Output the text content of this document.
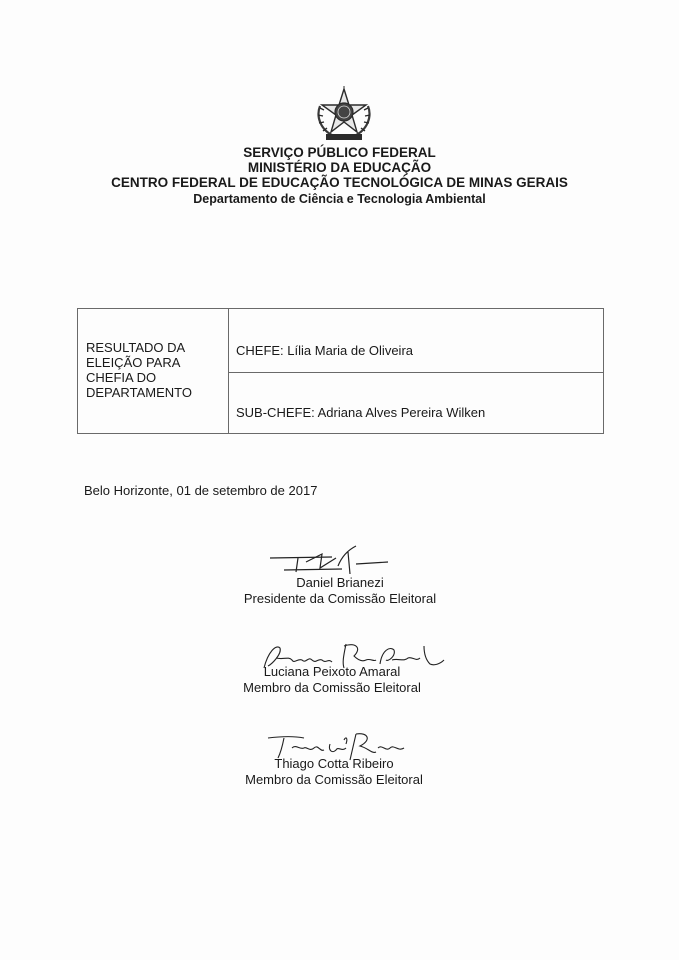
SERVIÇO PÚBLICO FEDERAL
MINISTÉRIO DA EDUCAÇÃO
CENTRO FEDERAL DE EDUCAÇÃO TECNOLÓGICA DE MINAS GERAIS
Departamento de Ciência e Tecnologia Ambiental
RESULTADO DA
ELEIÇÃO PARA
CHEFIA DO
DEPARTAMENTO
CHEFE: Lília Maria de Oliveira
SUB-CHEFE: Adriana Alves Pereira Wilken
Belo Horizonte, 01 de setembro de 2017
Daniel Brianezi
Presidente da Comissão Eleitoral
Luciana Peixoto Amaral
Membro da Comissão Eleitoral
Thiago Cotta Ribeiro
Membro da Comissão Eleitoral
